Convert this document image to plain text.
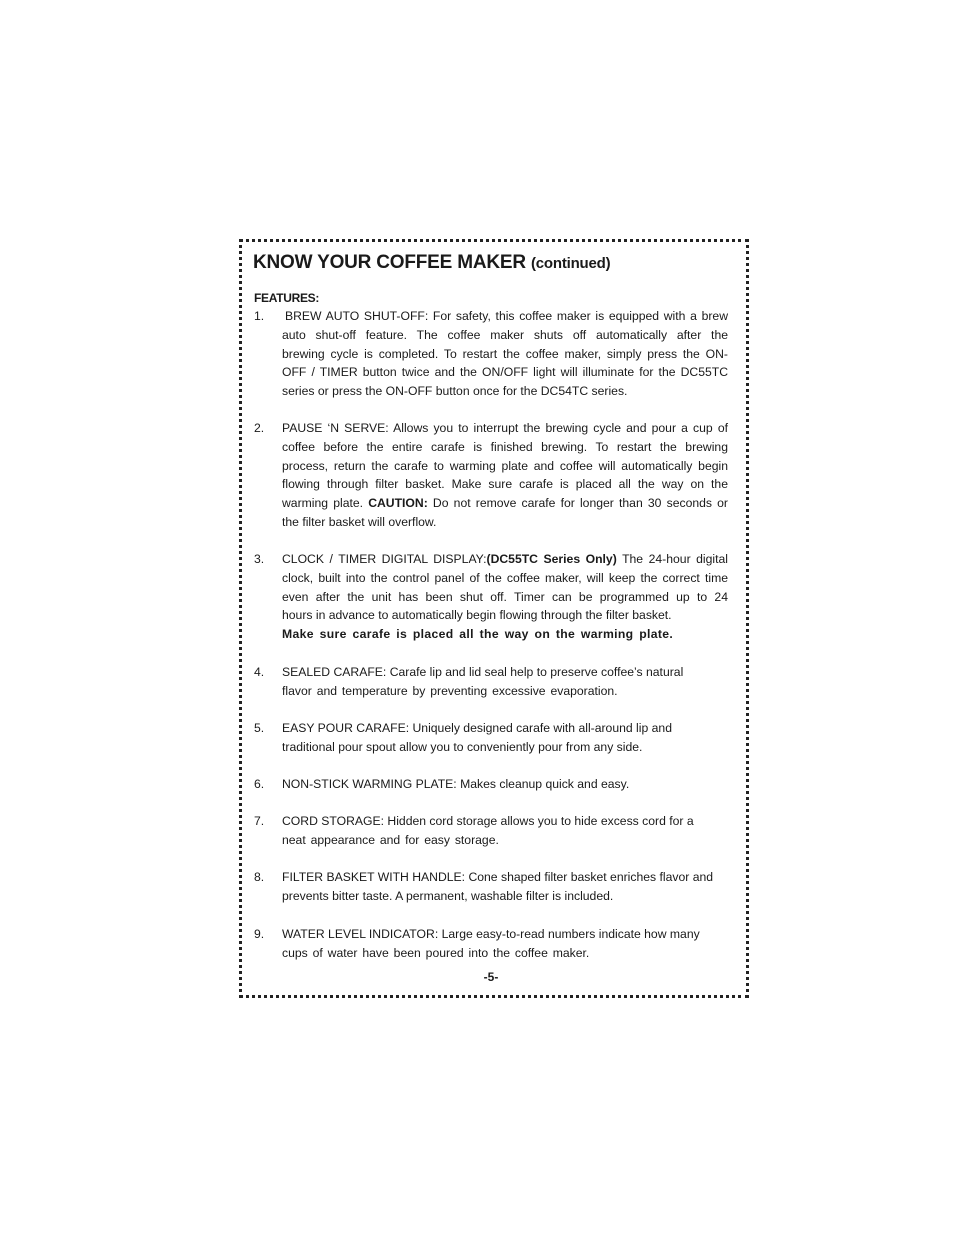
KNOW YOUR COFFEE MAKER (continued)
FEATURES:
1. BREW AUTO SHUT-OFF: For safety, this coffee maker is equipped with a brew
auto shut-off feature. The coffee maker shuts off automatically after the
brewing cycle is completed. To restart the coffee maker, simply press the ON-
OFF / TIMER button twice and the ON/OFF light will illuminate for the DC55TC
series or press the ON-OFF button once for the DC54TC series.
2. PAUSE ‘N SERVE: Allows you to interrupt the brewing cycle and pour a cup of
coffee before the entire carafe is finished brewing. To restart the brewing
process, return the carafe to warming plate and coffee will automatically begin
flowing through filter basket. Make sure carafe is placed all the way on the
warming plate. CAUTION: Do not remove carafe for longer than 30 seconds or
the filter basket will overflow.
3. CLOCK / TIMER DIGITAL DISPLAY:(DC55TC Series Only) The 24-hour digital
clock, built into the control panel of the coffee maker, will keep the correct time
even after the unit has been shut off. Timer can be programmed up to 24
hours in advance to automatically begin flowing through the filter basket.
Make sure carafe is placed all the way on the warming plate.
4. SEALED CARAFE: Carafe lip and lid seal help to preserve coffee’s natural
flavor and temperature by preventing excessive evaporation.
5. EASY POUR CARAFE: Uniquely designed carafe with all-around lip and
traditional pour spout allow you to conveniently pour from any side.
6. NON-STICK WARMING PLATE: Makes cleanup quick and easy.
7. CORD STORAGE: Hidden cord storage allows you to hide excess cord for a
neat appearance and for easy storage.
8. FILTER BASKET WITH HANDLE: Cone shaped filter basket enriches flavor and
prevents bitter taste. A permanent, washable filter is included.
9. WATER LEVEL INDICATOR: Large easy-to-read numbers indicate how many
cups of water have been poured into the coffee maker.
-5-
